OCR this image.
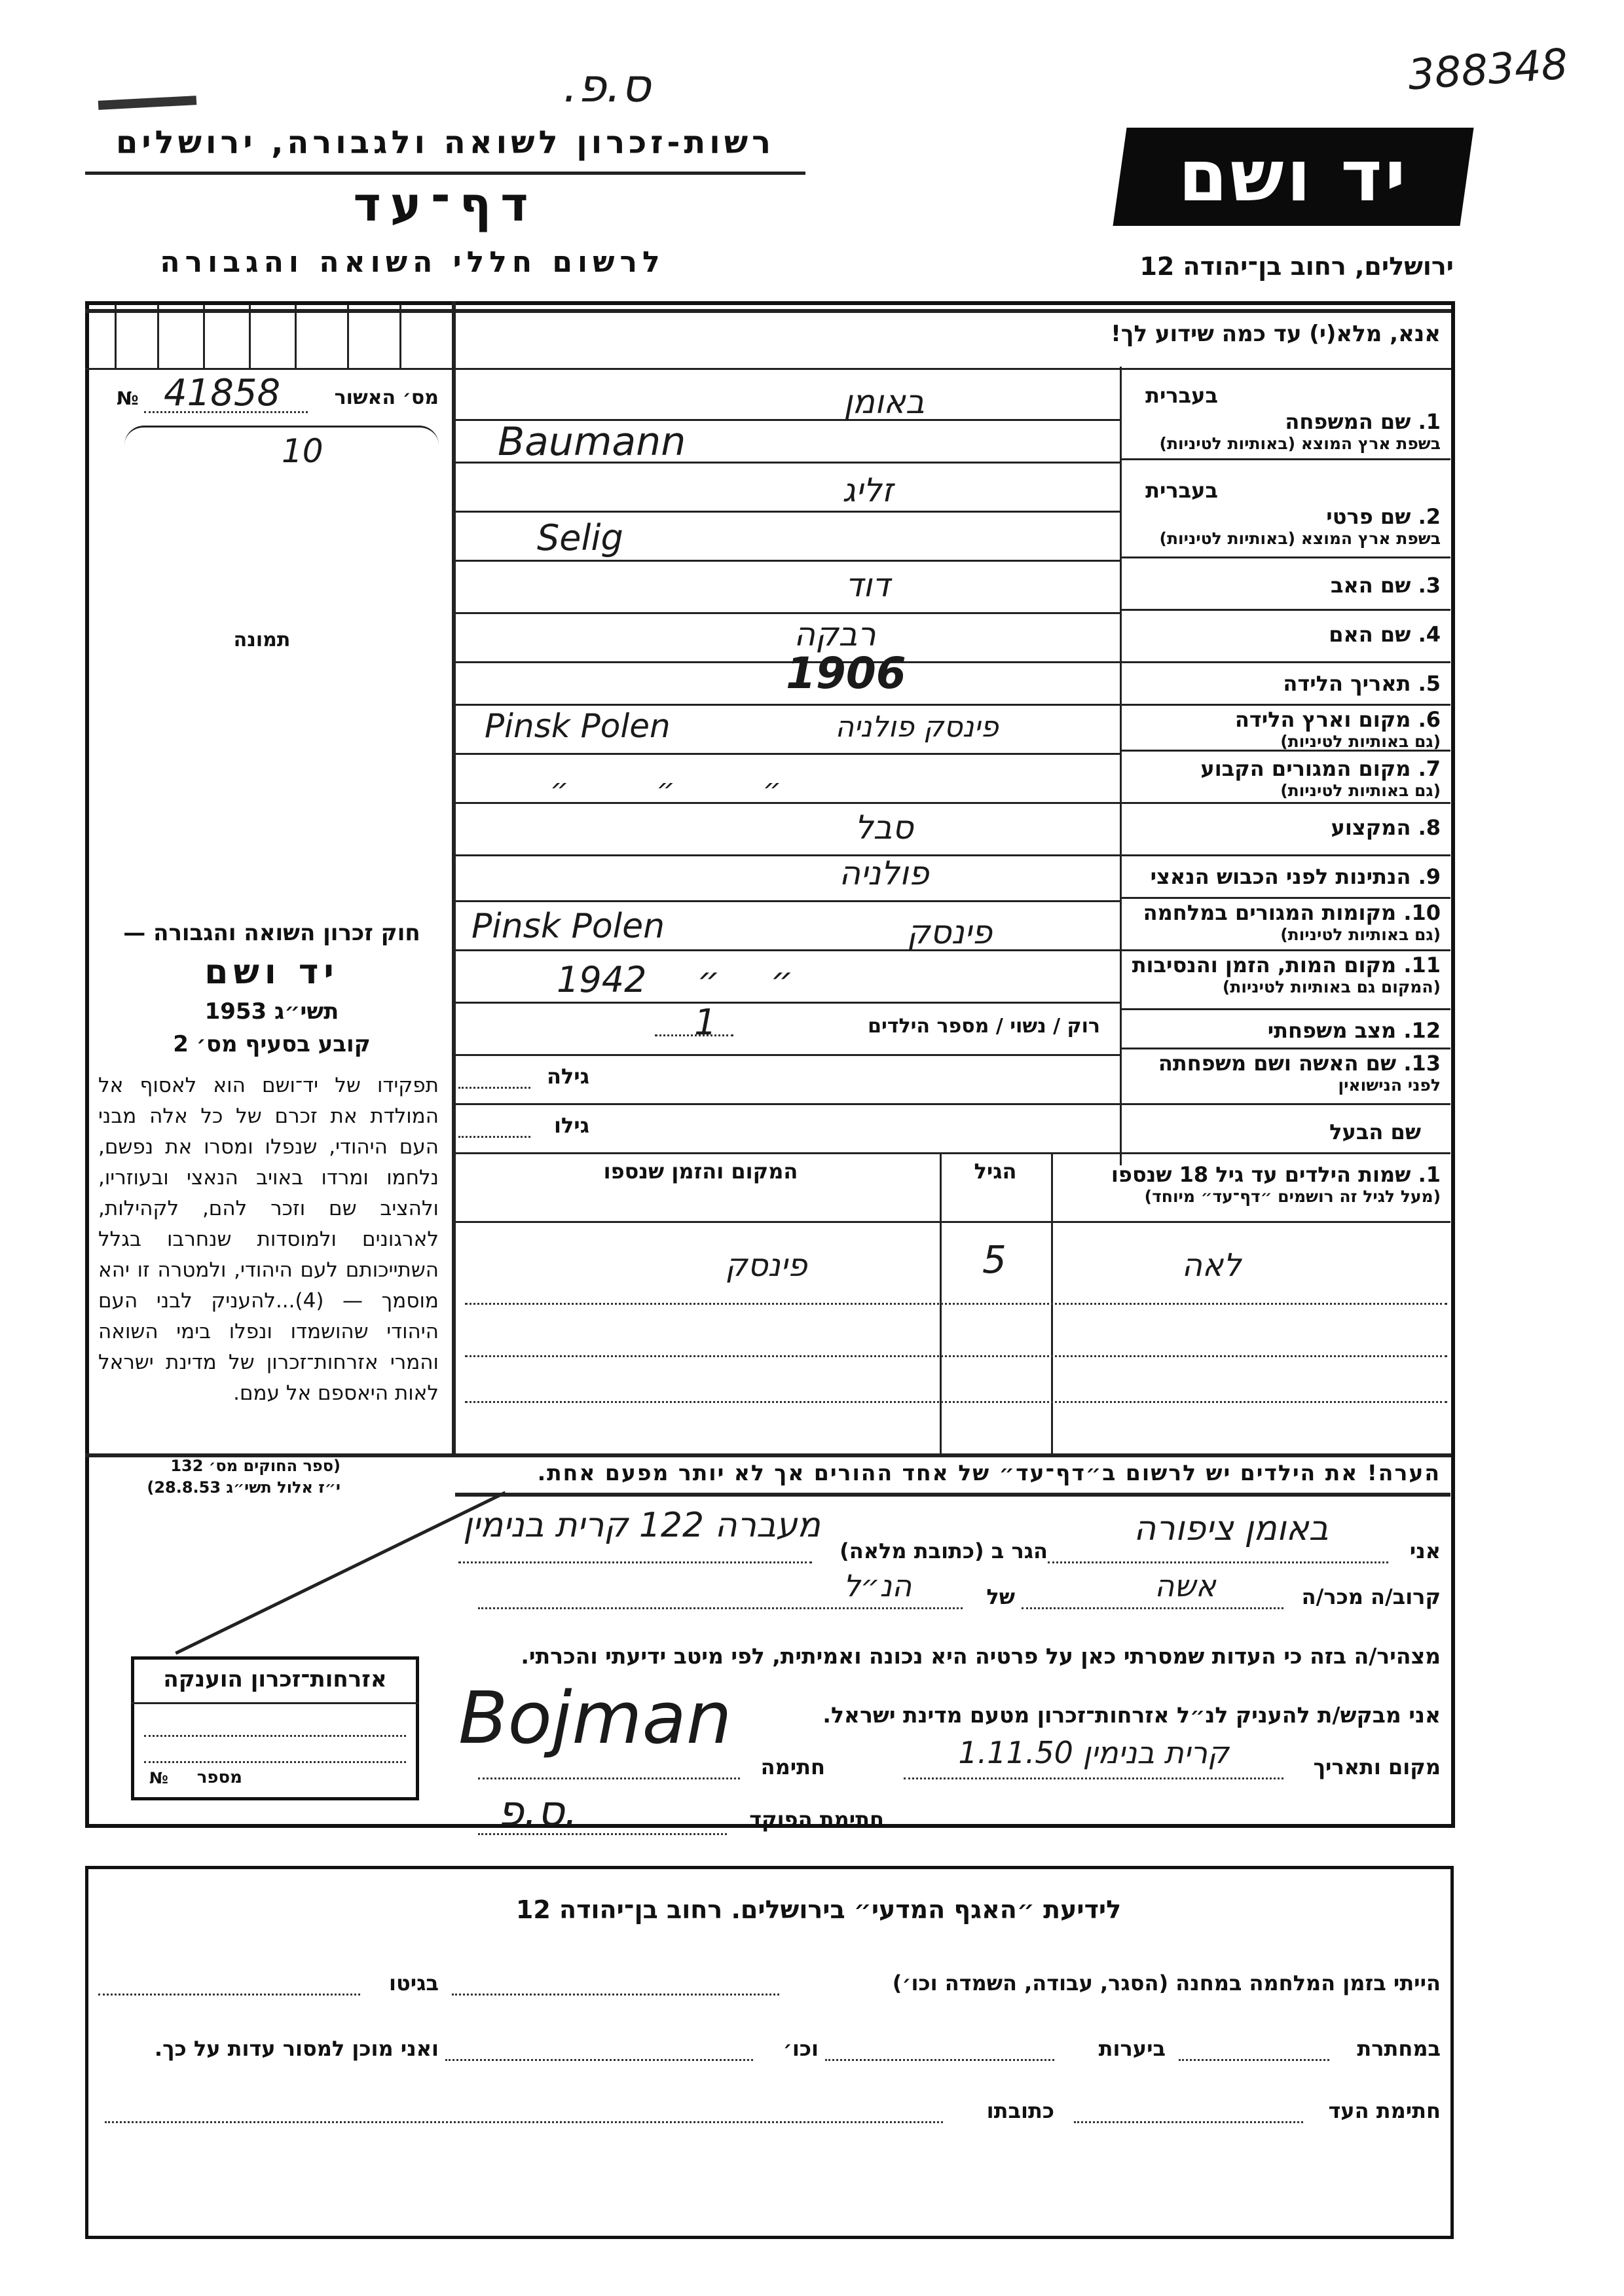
388348
ס.פ.
רשות-זכרון לשואה ולגבורה, ירושלים
דף־עד
לרשום חללי השואה והגבורה
יד ושם
ירושלים, רחוב בן־יהודה 12
אנא, מלא(י) עד כמה שידוע לך!
מס׳ האשור
№ 41858
10
תמונה
חוק זכרון השואה והגבורה —
יד ושם
תשי״ג 1953
קובע בסעיף מס׳ 2
תפקידו של יד־ושם הוא לאסוף אל המולדת את זכרם של כל אלה מבני העם היהודי, שנפלו ומסרו את נפשם, נלחמו ומרדו באויב הנאצי ובעוזריו, ולהציב שם וזכר להם, לקהילות, לארגונים ולמוסדות שנחרבו בגלל השתייכותם לעם היהודי, ולמטרה זו יהא מוסמך — (4)...להעניק לבני העם היהודי שהושמדו ונפלו בימי השואה והמרי אזרחות־זכרון של מדינת ישראל לאות היאספם אל עמם.
(ספר החוקים מס׳ 132
י״ז אלול תשי״ג 28.8.53)
אזרחות־זכרון הוענקה
מספר
№
בעברית
1. שם המשפחה
בשפת ארץ המוצא (באותיות לטיניות)
באומן
Baumann
בעברית
2. שם פרטי
בשפת ארץ המוצא (באותיות לטיניות)
זליג
Selig
3. שם האב
דוד
4. שם האם
רבקה
5. תאריך הלידה
1906
6. מקום וארץ הלידה
(גם באותיות לטיניות)
פינסק פולניה
Pinsk Polen
7. מקום המגורים הקבוע
(גם באותיות לטיניות)
״ ״ ״
8. המקצוע
סבל
9. הנתינות לפני הכבוש הנאצי
פולניה
10. מקומות המגורים במלחמה
(גם באותיות לטיניות)
פינסק
Pinsk Polen
11. מקום המות, הזמן והנסיבות
(המקום גם באותיות לטיניות)
1942 ״ ״
12. מצב משפחתי
רוק / נשוי / מספר הילדים
1
13. שם האשה ושם משפחתה
לפני הנישואין
גילה
שם הבעל
גילו
1. שמות הילדים עד גיל 18 שנספו
(מעל לגיל זה רושמים ״דף־עד״ מיוחד)
הגיל
המקום והזמן שנספו
לאה
5
פינסק
הערה! את הילדים יש לרשום ב״דף־עד״ של אחד ההורים אך לא יותר מפעם אחת.
אני
באומן ציפורה
הגר ב (כתובת מלאה)
מעברה 122 קרית בנימין
קרוב/ה מכר/ה
אשה
של
הנ״ל
מצהיר/ה בזה כי העדות שמסרתי כאן על פרטיה היא נכונה ואמיתית, לפי מיטב ידיעתי והכרתי.
אני מבקש/ת להעניק לנ״ל אזרחות־זכרון מטעם מדינת ישראל.
מקום ותאריך
קרית בנימין 1.11.50
חתימה
Bojman
חתימת הפוקד
ס.פ.
לידיעת ״האגף המדעי״ בירושלים. רחוב בן־יהודה 12
הייתי בזמן המלחמה במחנה (הסגר, עבודה, השמדה וכו׳)
בגיטו
במחתרת
ביערות
וכו׳
ואני מוכן למסור עדות על כך.
חתימת העד
כתובתו
